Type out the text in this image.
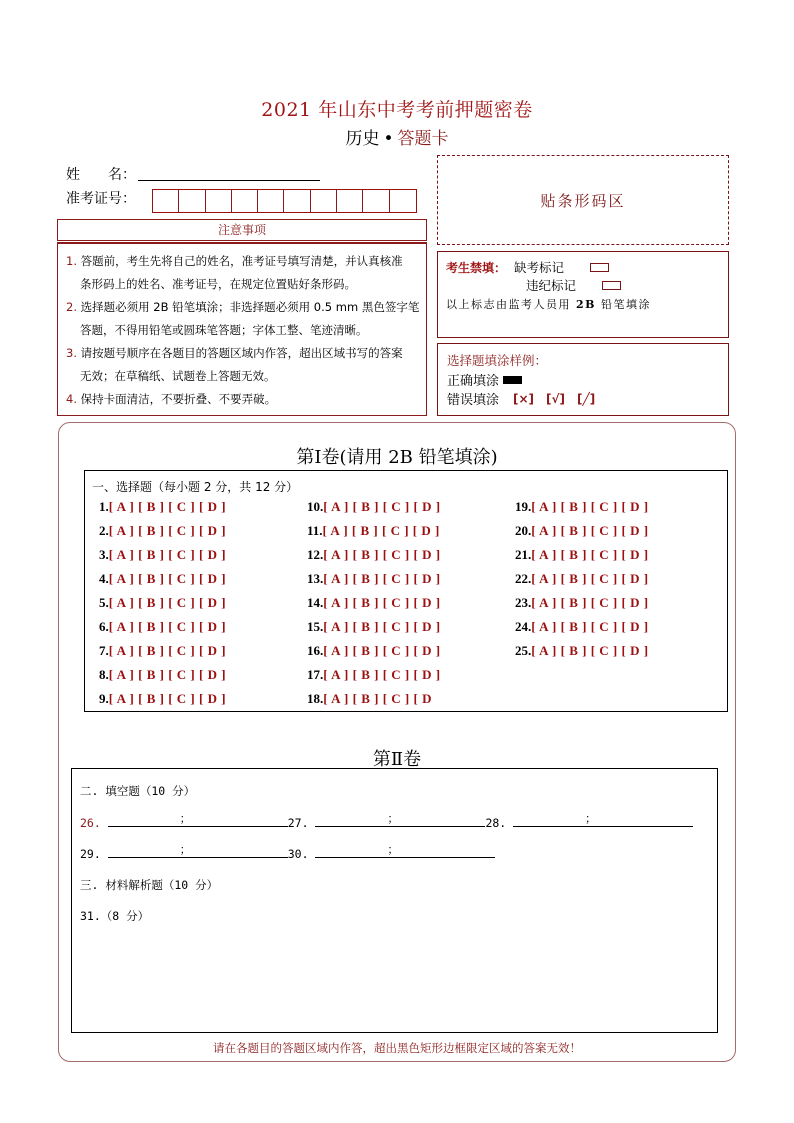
2021 年山东中考考前押题密卷
历史 • 答题卡
姓 名：
准考证号：
注意事项
1. 答题前，考生先将自己的姓名，准考证号填写清楚，并认真核准
条形码上的姓名、准考证号，在规定位置贴好条形码。
2. 选择题必须用 2B 铅笔填涂；非选择题必须用 0.5 mm 黑色签字笔
答题，不得用铅笔或圆珠笔答题；字体工整、笔迹清晰。
3. 请按题号顺序在各题目的答题区域内作答，超出区域书写的答案
无效；在草稿纸、试题卷上答题无效。
4. 保持卡面清洁，不要折叠、不要弄破。
贴条形码区
考生禁填： 缺考标记
违纪标记
以上标志由监考人员用 2B 铅笔填涂
选择题填涂样例：
正确填涂
错误填涂 [×] [√] [╱]
第Ⅰ卷(请用 2B 铅笔填涂)
一、选择题（每小题 2 分，共 12 分）
1.[ A ] [ B ] [ C ] [ D ]
2.[ A ] [ B ] [ C ] [ D ]
3.[ A ] [ B ] [ C ] [ D ]
4.[ A ] [ B ] [ C ] [ D ]
5.[ A ] [ B ] [ C ] [ D ]
6.[ A ] [ B ] [ C ] [ D ]
7.[ A ] [ B ] [ C ] [ D ]
8.[ A ] [ B ] [ C ] [ D ]
9.[ A ] [ B ] [ C ] [ D ]
10.[ A ] [ B ] [ C ] [ D ]
11.[ A ] [ B ] [ C ] [ D ]
12.[ A ] [ B ] [ C ] [ D ]
13.[ A ] [ B ] [ C ] [ D ]
14.[ A ] [ B ] [ C ] [ D ]
15.[ A ] [ B ] [ C ] [ D ]
16.[ A ] [ B ] [ C ] [ D ]
17.[ A ] [ B ] [ C ] [ D ]
18.[ A ] [ B ] [ C ] [ D
19.[ A ] [ B ] [ C ] [ D ]
20.[ A ] [ B ] [ C ] [ D ]
21.[ A ] [ B ] [ C ] [ D ]
22.[ A ] [ B ] [ C ] [ D ]
23.[ A ] [ B ] [ C ] [ D ]
24.[ A ] [ B ] [ C ] [ D ]
25.[ A ] [ B ] [ C ] [ D ]
第Ⅱ卷
二. 填空题（10 分）
26.	；	27.	；	28.	；
29.	；	30.	；
三. 材料解析题（10 分）
31.（8 分）
请在各题目的答题区域内作答，超出黑色矩形边框限定区域的答案无效！
